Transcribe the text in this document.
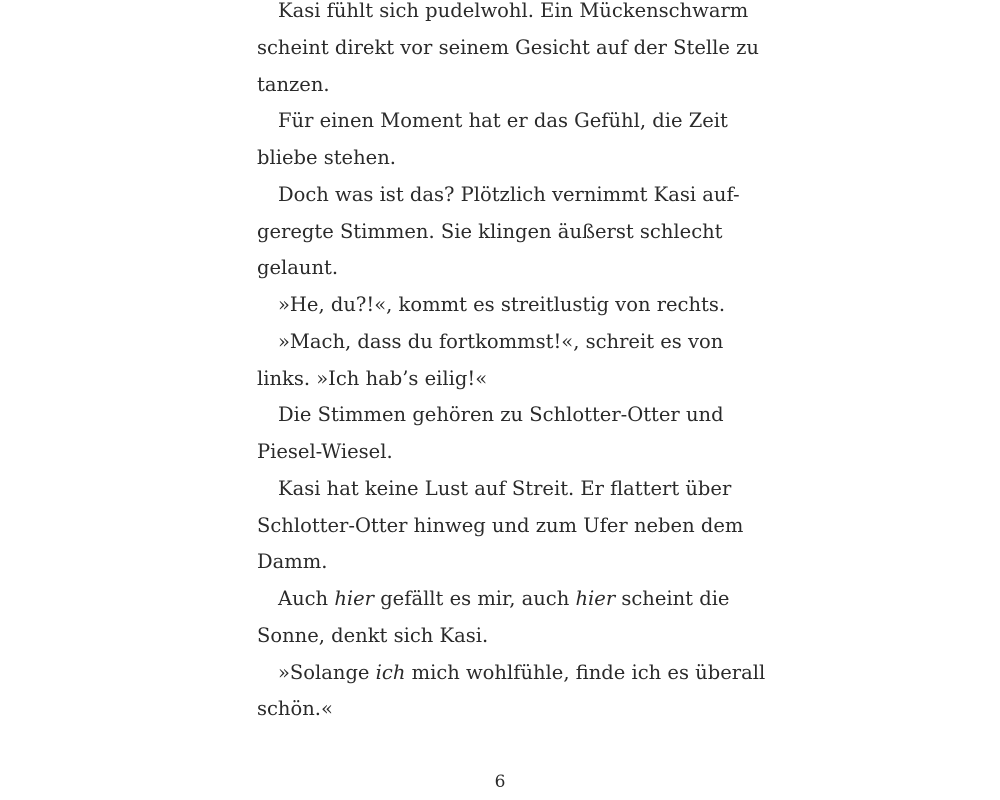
Kasi fühlt sich pudelwohl. Ein Mückenschwarm
scheint direkt vor seinem Gesicht auf der Stelle zu
tanzen.
Für einen Moment hat er das Gefühl, die Zeit
bliebe stehen.
Doch was ist das? Plötzlich vernimmt Kasi auf-
geregte Stimmen. Sie klingen äußerst schlecht
gelaunt.
»He, du?!«, kommt es streitlustig von rechts.
»Mach, dass du fortkommst!«, schreit es von
links. »Ich hab’s eilig!«
Die Stimmen gehören zu Schlotter-Otter und
Piesel-Wiesel.
Kasi hat keine Lust auf Streit. Er flattert über
Schlotter-Otter hinweg und zum Ufer neben dem
Damm.
Auch hier gefällt es mir, auch hier scheint die
Sonne, denkt sich Kasi.
»Solange ich mich wohlfühle, finde ich es überall
schön.«
6
